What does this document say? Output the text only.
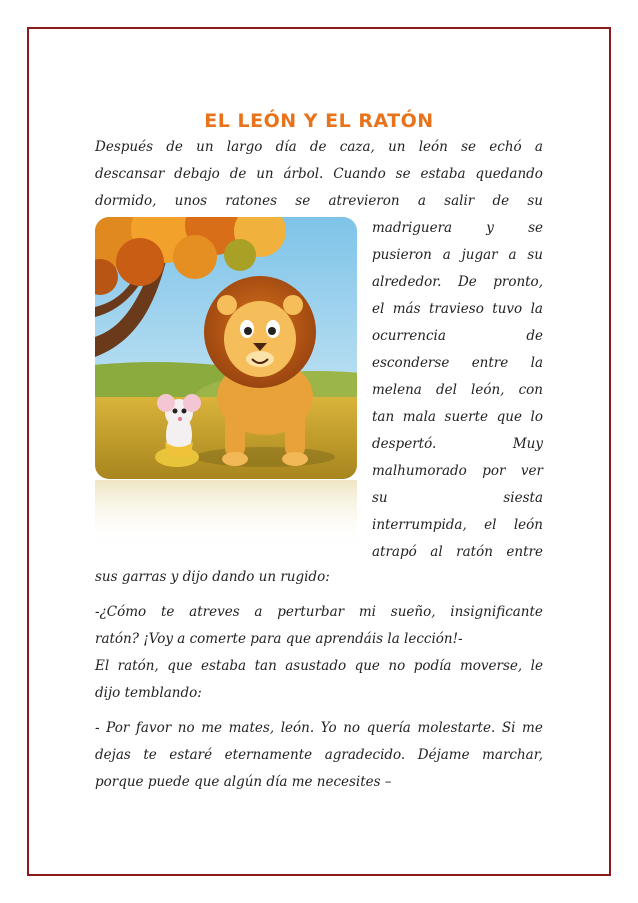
EL LEÓN Y EL RATÓN
Después de un largo día de caza, un león se echó a
descansar debajo de un árbol. Cuando se estaba quedando
dormido, unos ratones se atrevieron a salir de su
madriguera	y	se
pusieron a jugar a su
alrededor. De pronto,
el más travieso tuvo la
ocurrencia	de
esconderse entre la
melena del león, con
tan mala suerte que lo
despertó.	Muy
malhumorado por ver
su	siesta
interrumpida, el león
atrapó al ratón entre
sus garras y dijo dando un rugido:
-¿Cómo te atreves a perturbar mi sueño, insignificante
ratón? ¡Voy a comerte para que aprendáis la lección!-
El ratón, que estaba tan asustado que no podía moverse, le
dijo temblando:
- Por favor no me mates, león. Yo no quería molestarte. Si me
dejas te estaré eternamente agradecido. Déjame marchar,
porque puede que algún día me necesites –
